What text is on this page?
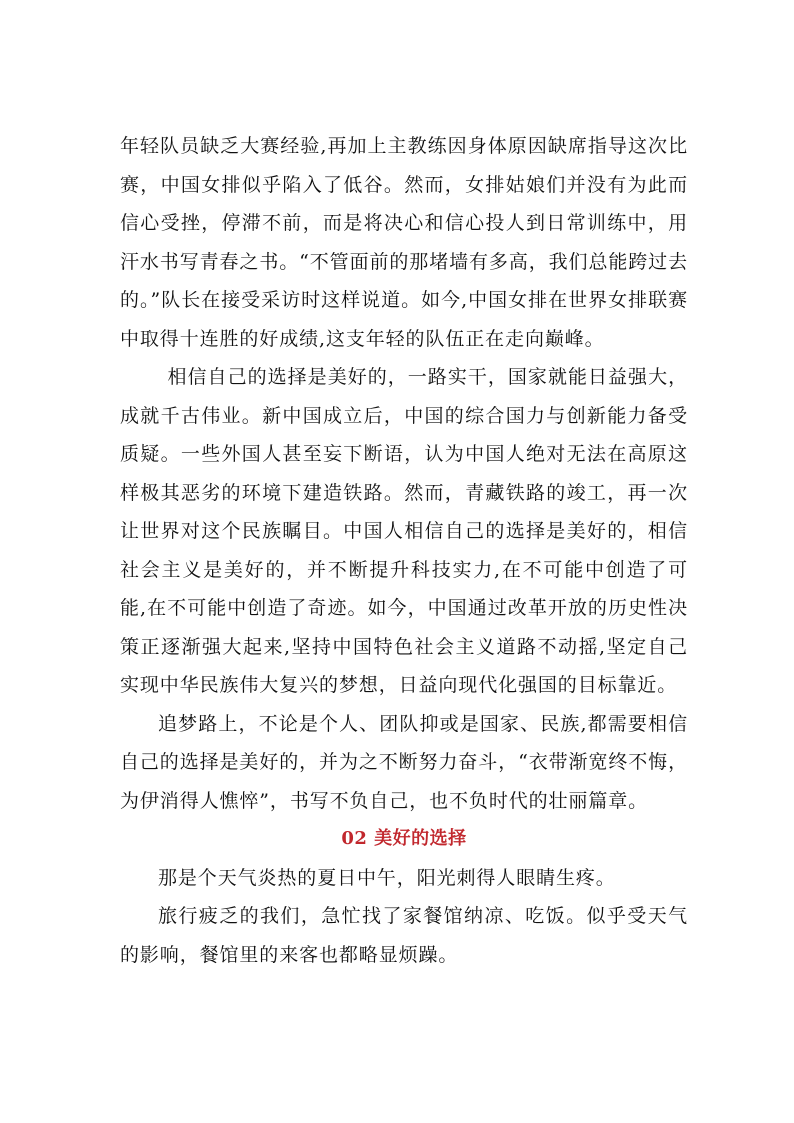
年轻队员缺乏大赛经验,再加上主教练因身体原因缺席指导这次比赛，中国女排似乎陷入了低谷。然而，女排姑娘们并没有为此而信心受挫，停滞不前，而是将决心和信心投人到日常训练中，用汗水书写青春之书。“不管面前的那堵墙有多高，我们总能跨过去的。”队长在接受采访时这样说道。如今,中国女排在世界女排联赛中取得十连胜的好成绩,这支年轻的队伍正在走向巅峰。

相信自己的选择是美好的，一路实干，国家就能日益强大，成就千古伟业。新中国成立后，中国的综合国力与创新能力备受质疑。一些外国人甚至妄下断语，认为中国人绝对无法在高原这样极其恶劣的环境下建造铁路。然而，青藏铁路的竣工，再一次让世界对这个民族瞩目。中国人相信自己的选择是美好的，相信社会主义是美好的，并不断提升科技实力,在不可能中创造了可能,在不可能中创造了奇迹。如今，中国通过改革开放的历史性决策正逐渐强大起来,坚持中国特色社会主义道路不动摇,坚定自己实现中华民族伟大复兴的梦想，日益向现代化强国的目标靠近。

追梦路上，不论是个人、团队抑或是国家、民族,都需要相信自己的选择是美好的，并为之不断努力奋斗，“衣带渐宽终不悔，为伊消得人憔悴”，书写不负自己，也不负时代的壮丽篇章。

02 美好的选择

那是个天气炎热的夏日中午，阳光刺得人眼睛生疼。

旅行疲乏的我们，急忙找了家餐馆纳凉、吃饭。似乎受天气的影响，餐馆里的来客也都略显烦躁。
